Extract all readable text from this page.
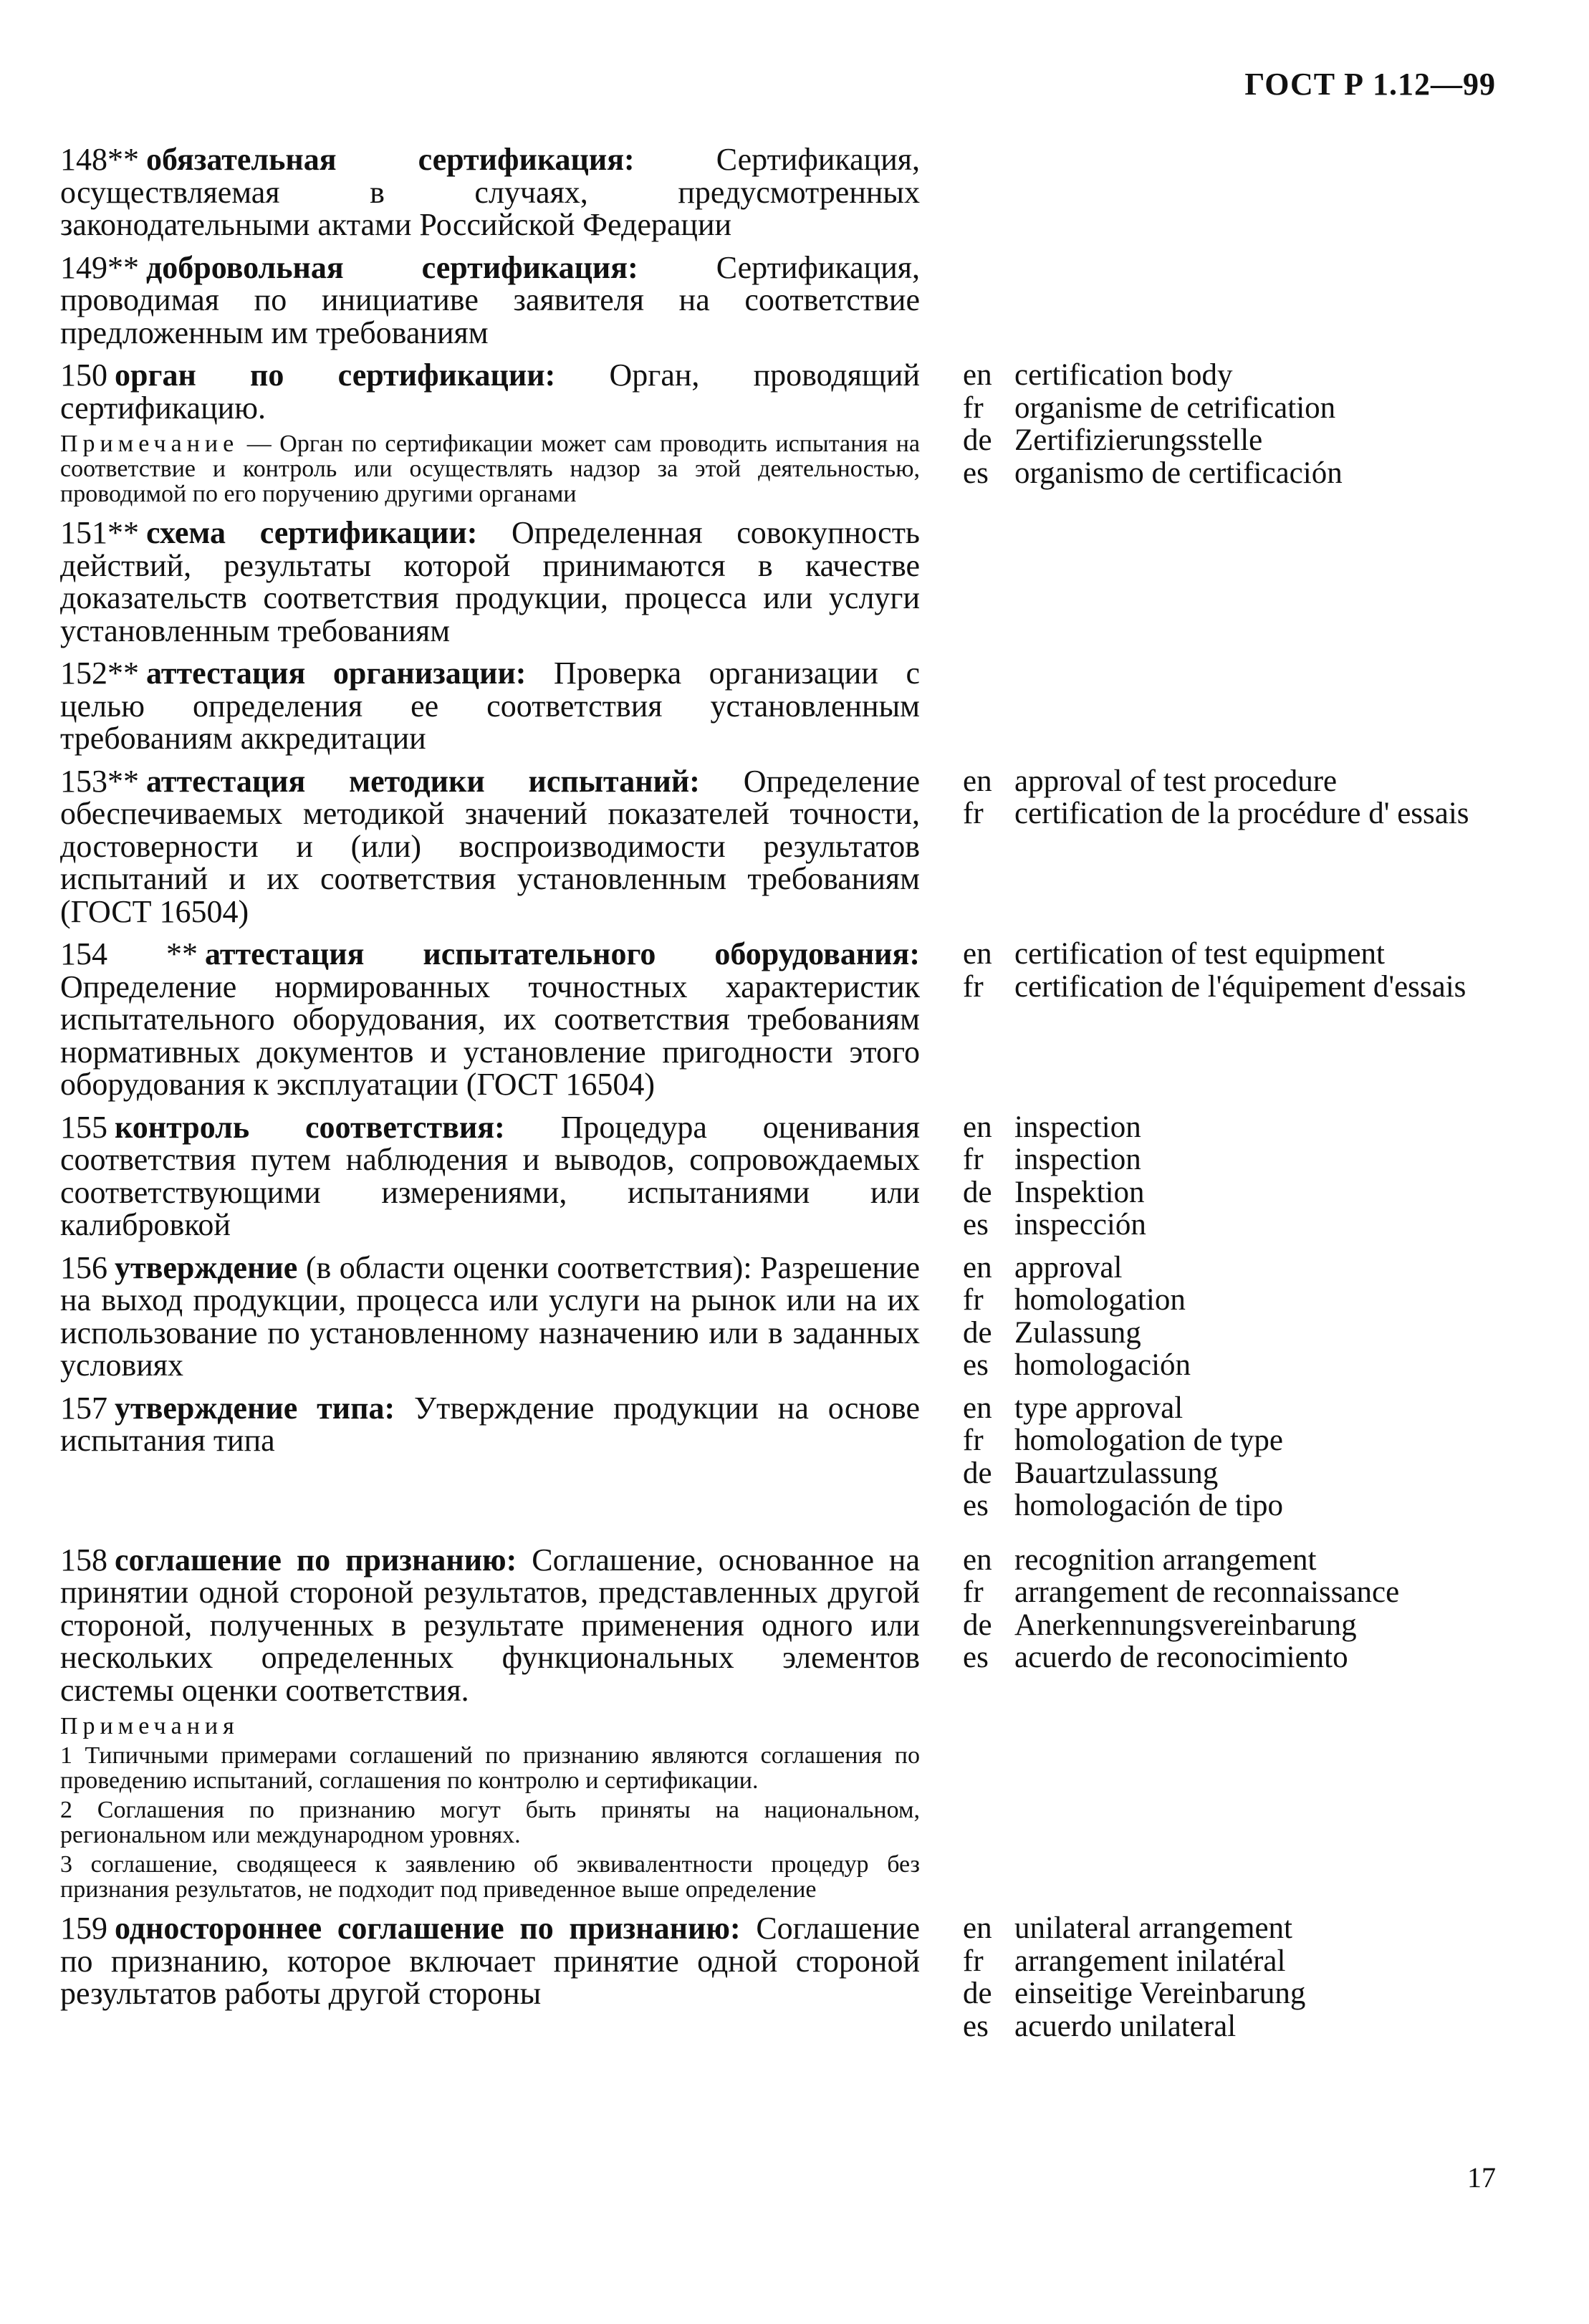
ГОСТ Р 1.12—99
148** обязательная сертификация: Сертификация, осуществляемая в случаях, предусмотренных законодательными актами Российской Федерации
149** добровольная сертификация: Сертификация, проводимая по инициативе заявителя на соответствие предложенным им требованиям
150 орган по сертификации: Орган, проводящий сертификацию.
Примечание — Орган по сертификации может сам проводить испытания на соответствие и контроль или осуществлять надзор за этой деятельностью, проводимой по его поручению другими органами
en certification body
fr	organisme de cetrification
de Zertifizierungsstelle
es organismo de certificación
151** схема сертификации: Определенная совокупность действий, результаты которой принимаются в качестве доказательств соответствия продукции, процесса или услуги установленным требованиям
152** аттестация организации: Проверка организации с целью определения ее соответствия установленным требованиям аккредитации
153** аттестация методики испытаний: Определение обеспечиваемых методикой значений показателей точности, достоверности и (или) воспроизводимости результатов испытаний и их соответствия установленным требованиям (ГОСТ 16504)
en approval of test procedure
fr	certification de la procédure d' essais
154 ** аттестация испытательного оборудования: Определение нормированных точностных характеристик испытательного оборудования, их соответствия требованиям нормативных документов и установление пригодности этого оборудования к эксплуатации (ГОСТ 16504)
en certification of test equipment
fr	certification de l'équipement d'essais
155 контроль соответствия: Процедура оценивания соответствия путем наблюдения и выводов, сопровождаемых соответствующими измерениями, испытаниями или калибровкой
en inspection
fr	inspection
de Inspektion
es inspección
156 утверждение (в области оценки соответствия): Разрешение на выход продукции, процесса или услуги на рынок или на их использование по установленному назначению или в заданных условиях
en approval
fr	homologation
de Zulassung
es homologación
157 утверждение типа: Утверждение продукции на основе испытания типа
en type approval
fr	homologation de type
de Bauartzulassung
es homologación de tipo
158 соглашение по признанию: Соглашение, основанное на принятии одной стороной результатов, представленных другой стороной, полученных в результате применения одного или нескольких определенных функциональных элементов системы оценки соответствия.
Примечания
1 Типичными примерами соглашений по признанию являются соглашения по проведению испытаний, соглашения по контролю и сертификации.
2 Соглашения по признанию могут быть приняты на национальном, региональном или международном уровнях.
3 соглашение, сводящееся к заявлению об эквивалентности процедур без признания результатов, не подходит под приведенное выше определение
en recognition arrangement
fr	arrangement de reconnaissance
de Anerkennungsvereinbarung
es acuerdo de reconocimiento
159 одностороннее соглашение по признанию: Соглашение по признанию, которое включает принятие одной стороной результатов работы другой стороны
en unilateral arrangement
fr	arrangement inilatéral
de einseitige Vereinbarung
es acuerdo unilateral
17
